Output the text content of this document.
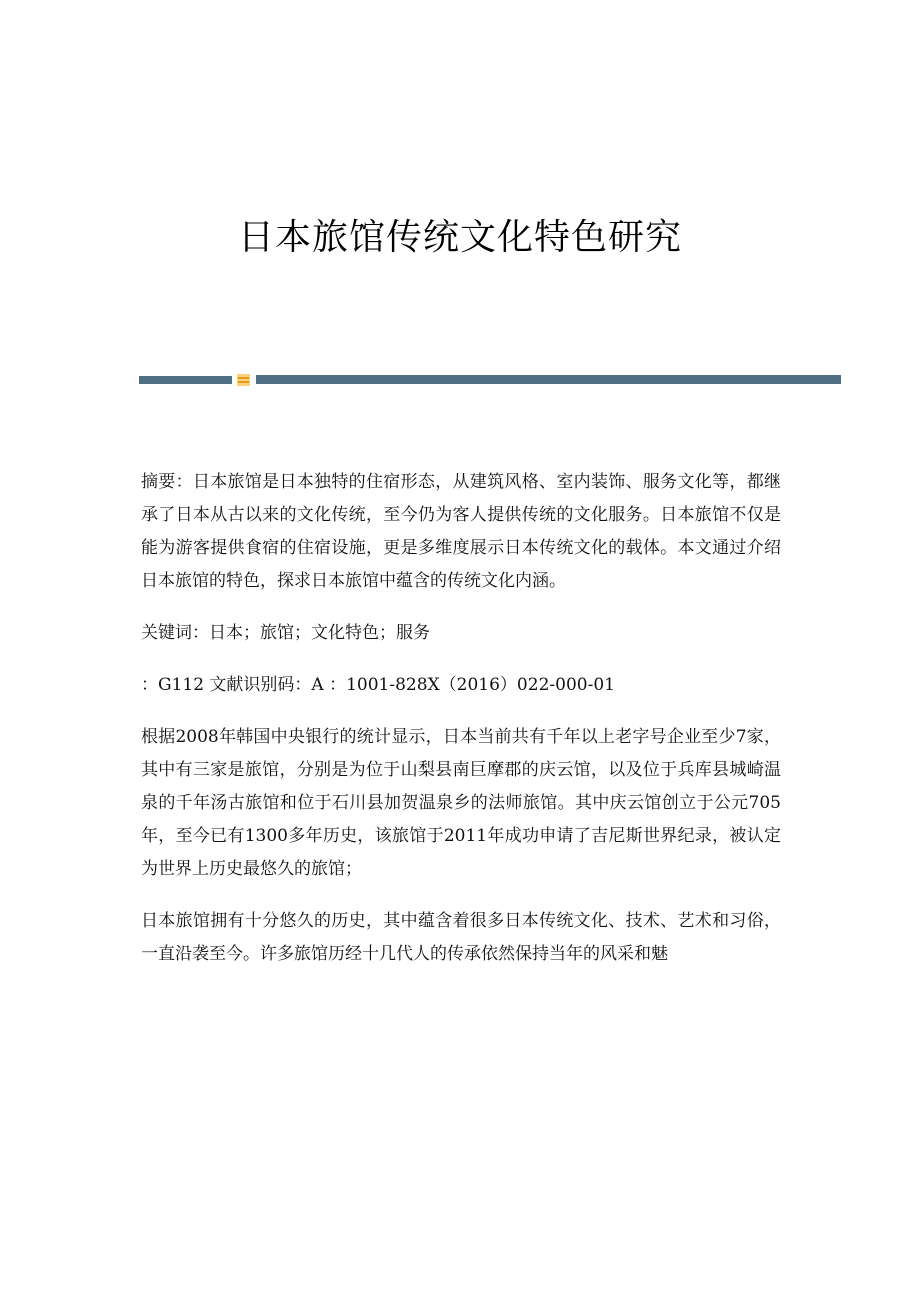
日本旅馆传统文化特色研究

摘要：日本旅馆是日本独特的住宿形态，从建筑风格、室内装饰、服务文化等，都继承了日本从古以来的文化传统，至今仍为客人提供传统的文化服务。日本旅馆不仅是能为游客提供食宿的住宿设施，更是多维度展示日本传统文化的载体。本文通过介绍日本旅馆的特色，探求日本旅馆中蕴含的传统文化内涵。

关键词：日本；旅馆；文化特色；服务

：G112 文献识别码：A ：1001-828X（2016）022-000-01

根据2008年韩国中央银行的统计显示，日本当前共有千年以上老字号企业至少7家，其中有三家是旅馆，分别是为位于山梨县南巨摩郡的庆云馆，以及位于兵库县城崎温泉的千年汤古旅馆和位于石川县加贺温泉乡的法师旅馆。其中庆云馆创立于公元705年，至今已有1300多年历史，该旅馆于2011年成功申请了吉尼斯世界纪录，被认定为世界上历史最悠久的旅馆；

日本旅馆拥有十分悠久的历史，其中蕴含着很多日本传统文化、技术、艺术和习俗，一直沿袭至今。许多旅馆历经十几代人的传承依然保持当年的风采和魅
